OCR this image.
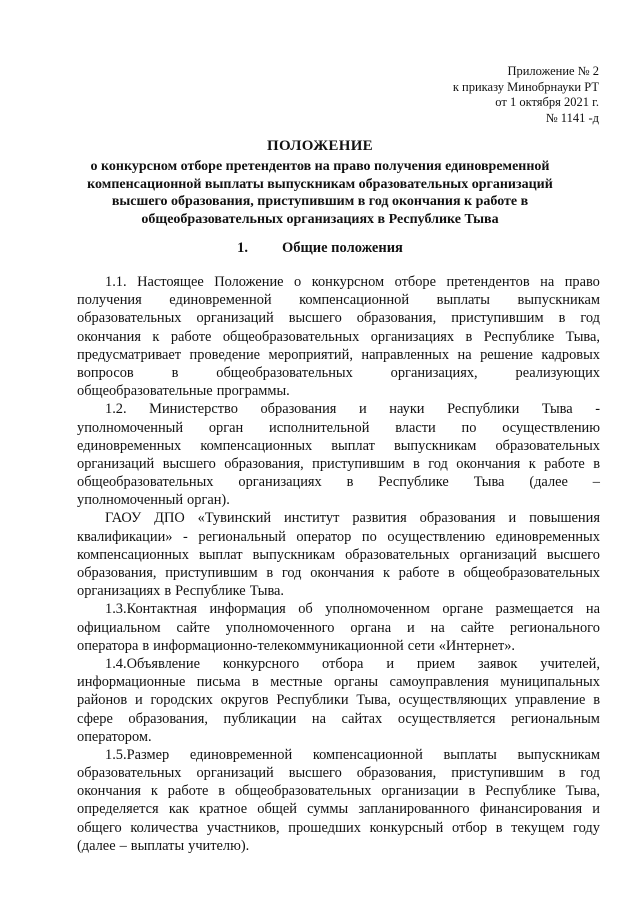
Приложение № 2
к приказу Минобрнауки РТ
от 1 октября 2021 г.
№ 1141 -д
ПОЛОЖЕНИЕ
о конкурсном отборе претендентов на право получения единовременной
компенсационной выплаты выпускникам образовательных организаций
высшего образования, приступившим в год окончания к работе в
общеобразовательных организациях в Республике Тыва
1. Общие положения
1.1. Настоящее Положение о конкурсном отборе претендентов на право
получения единовременной компенсационной выплаты выпускникам
образовательных организаций высшего образования, приступившим в год
окончания к работе общеобразовательных организациях в Республике Тыва,
предусматривает проведение мероприятий, направленных на решение кадровых
вопросов	в	общеобразовательных	организациях,	реализующих
общеобразовательные программы.
1.2. Министерство образования и науки Республики Тыва -
уполномоченный орган исполнительной власти по осуществлению
единовременных компенсационных выплат выпускникам образовательных
организаций высшего образования, приступившим в год окончания к работе в
общеобразовательных организациях в Республике Тыва (далее –
уполномоченный орган).
ГАОУ ДПО «Тувинский институт развития образования и повышения
квалификации» - региональный оператор по осуществлению единовременных
компенсационных выплат выпускникам образовательных организаций высшего
образования, приступившим в год окончания к работе в общеобразовательных
организациях в Республике Тыва.
1.3.Контактная информация об уполномоченном органе размещается на
официальном сайте уполномоченного органа и на сайте регионального
оператора в информационно-телекоммуникационной сети «Интернет».
1.4.Объявление конкурсного отбора и прием заявок учителей,
информационные письма в местные органы самоуправления муниципальных
районов и городских округов Республики Тыва, осуществляющих управление в
сфере образования, публикации на сайтах осуществляется региональным
оператором.
1.5.Размер единовременной компенсационной выплаты выпускникам
образовательных организаций высшего образования, приступившим в год
окончания к работе в общеобразовательных организации в Республике Тыва,
определяется как кратное общей суммы запланированного финансирования и
общего количества участников, прошедших конкурсный отбор в текущем году
(далее – выплаты учителю).
